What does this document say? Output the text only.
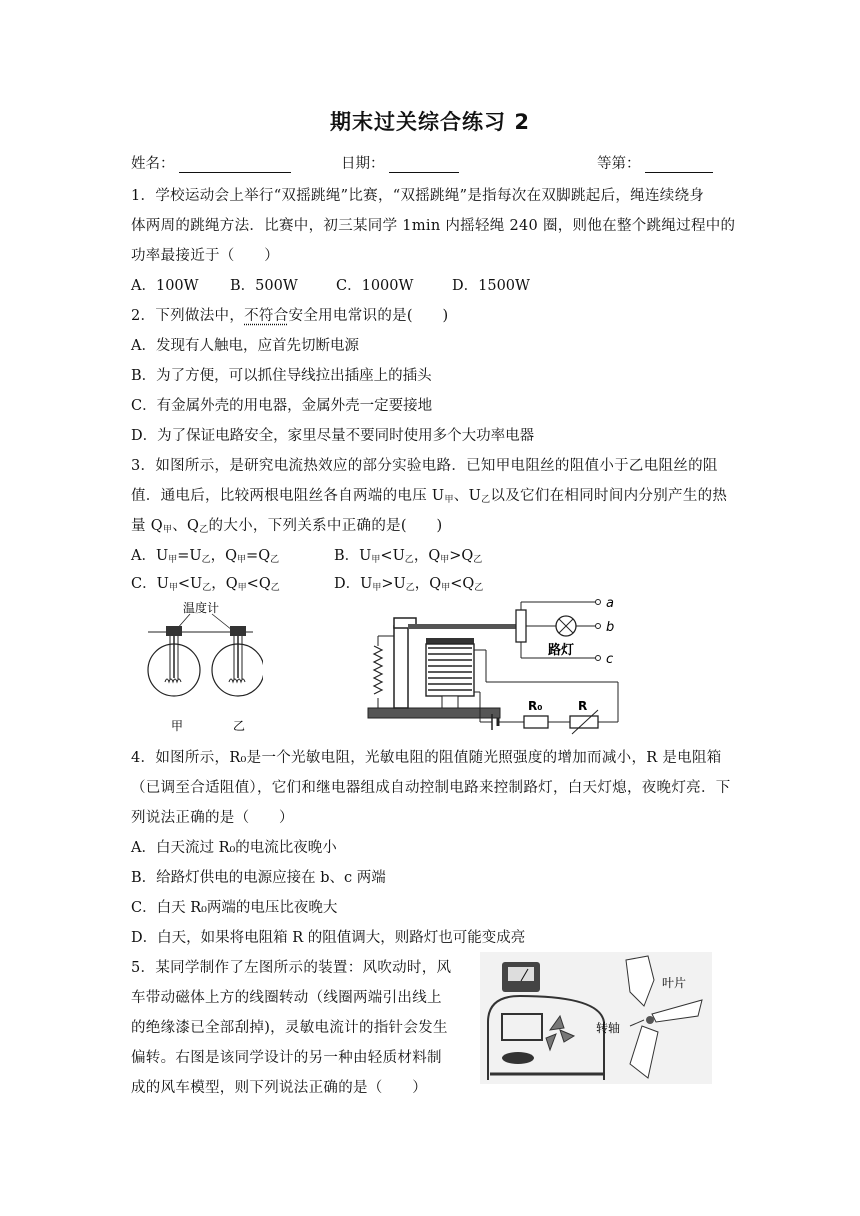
期末过关综合练习 2
姓名：	日期：	等第：
1．学校运动会上举行“双摇跳绳”比赛，“双摇跳绳”是指每次在双脚跳起后，绳连续绕身
体两周的跳绳方法．比赛中，初三某同学 1min 内摇轻绳 240 圈，则他在整个跳绳过程中的
功率最接近于（　　）
A．100W B．500W	C．1000W	D．1500W
2．下列做法中，不符合安全用电常识的是(　　)
A．发现有人触电，应首先切断电源
B．为了方便，可以抓住导线拉出插座上的插头
C．有金属外壳的用电器，金属外壳一定要接地
D．为了保证电路安全，家里尽量不要同时使用多个大功率电器
3．如图所示，是研究电流热效应的部分实验电路．已知甲电阻丝的阻值小于乙电阻丝的阻
值．通电后，比较两根电阻丝各自两端的电压 $U_甲$、$U_乙$以及它们在相同时间内分别产生的热
量 $Q_甲$、$Q_乙$的大小，下列关系中正确的是(　　)
A．$U_甲=U_乙$，$Q_甲=Q_乙$	B．$U_甲<U_乙$，$Q_甲>Q_乙$
C．$U_甲<U_乙$，$Q_甲<Q_乙$	D．$U_甲>U_乙$，$Q_甲<Q_乙$
温度计
甲	乙
a
b
c
路灯
R₀	R
4．如图所示，R₀是一个光敏电阻，光敏电阻的阻值随光照强度的增加而减小，R 是电阻箱
（已调至合适阻值），它们和继电器组成自动控制电路来控制路灯，白天灯熄，夜晚灯亮．下
列说法正确的是（　　）
A．白天流过 R₀的电流比夜晚小
B．给路灯供电的电源应接在 b、c 两端
C．白天 R₀两端的电压比夜晚大
D．白天，如果将电阻箱 R 的阻值调大，则路灯也可能变成亮
5．某同学制作了左图所示的装置：风吹动时，风
车带动磁体上方的线圈转动（线圈两端引出线上
的绝缘漆已全部刮掉)，灵敏电流计的指针会发生
偏转。右图是该同学设计的另一种由轻质材料制
成的风车模型，则下列说法正确的是（　　）
叶片
转轴
